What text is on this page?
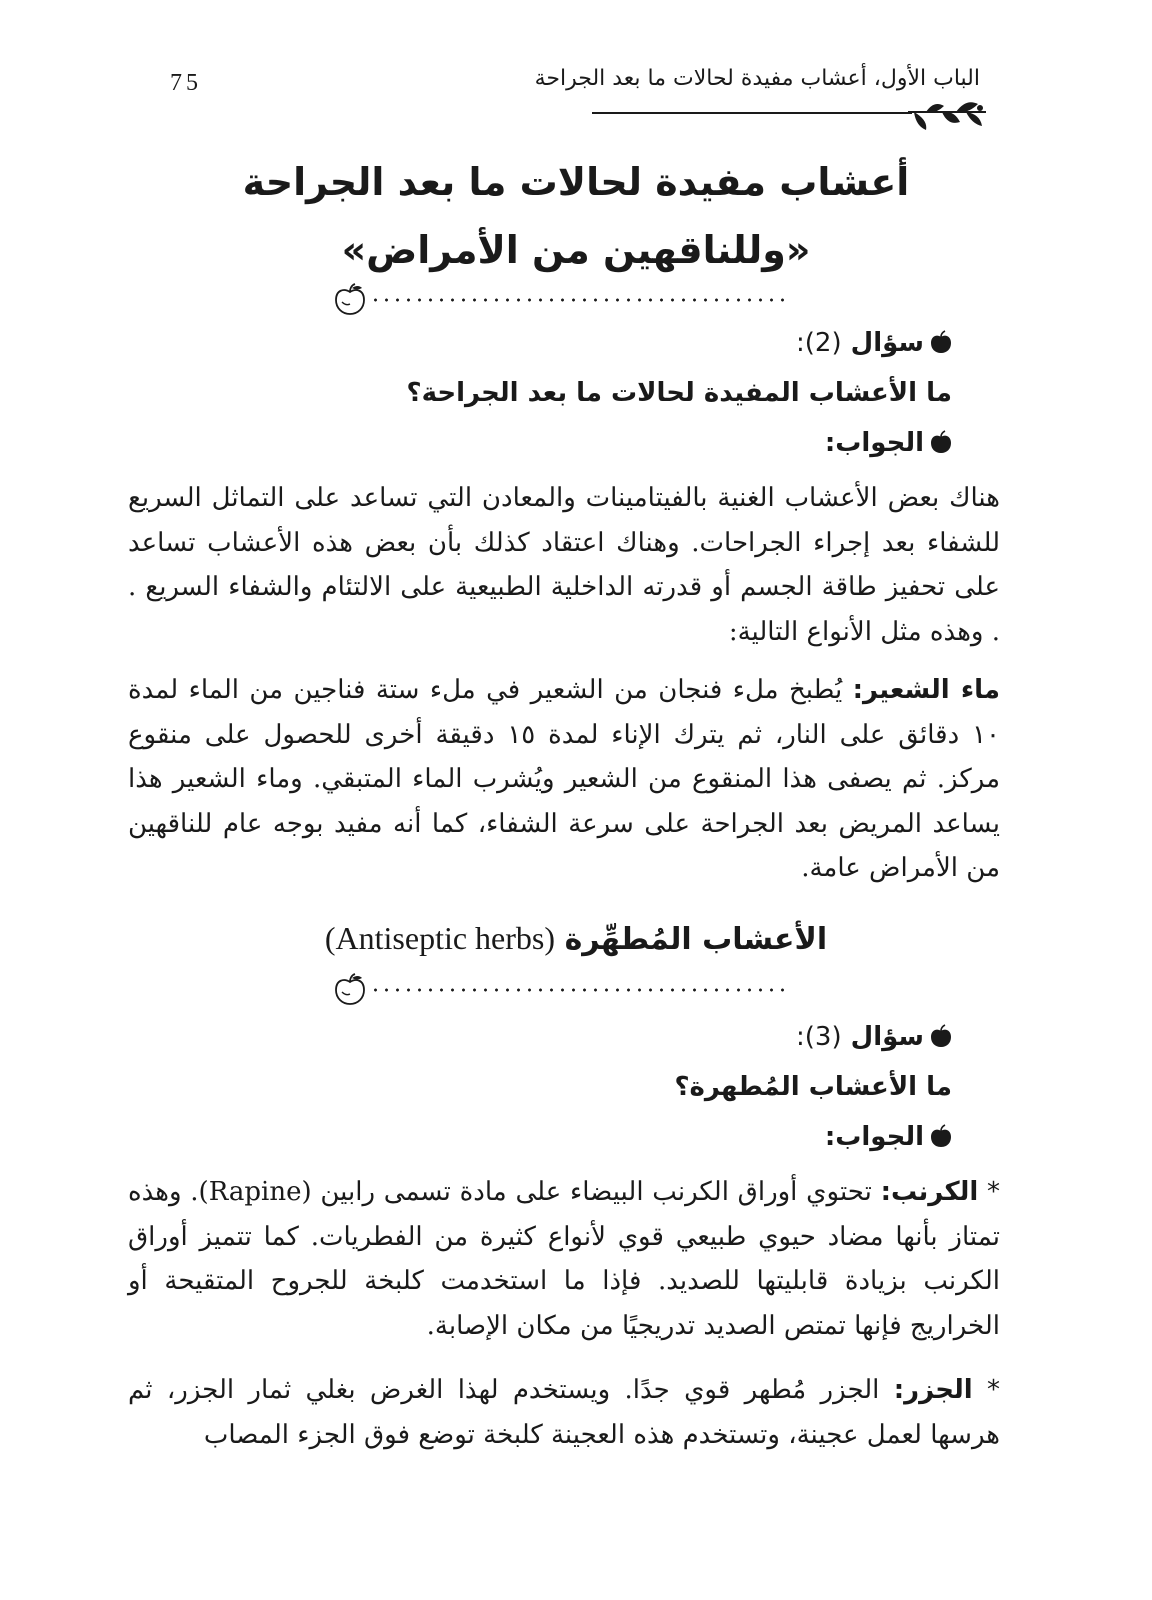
75	الباب الأول، أعشاب مفيدة لحالات ما بعد الجراحة
أعشاب مفيدة لحالات ما بعد الجراحة
«وللناقهين من الأمراض»
سؤال (2):
ما الأعشاب المفيدة لحالات ما بعد الجراحة؟
الجواب:
هناك بعض الأعشاب الغنية بالفيتامينات والمعادن التي تساعد على التماثل السريع للشفاء بعد إجراء الجراحات. وهناك اعتقاد كذلك بأن بعض هذه الأعشاب تساعد على تحفيز طاقة الجسم أو قدرته الداخلية الطبيعية على الالتئام والشفاء السريع . . وهذه مثل الأنواع التالية:
ماء الشعير: يُطبخ ملء فنجان من الشعير في ملء ستة فناجين من الماء لمدة ١٠ دقائق على النار، ثم يترك الإناء لمدة ١٥ دقيقة أخرى للحصول على منقوع مركز. ثم يصفى هذا المنقوع من الشعير ويُشرب الماء المتبقي. وماء الشعير هذا يساعد المريض بعد الجراحة على سرعة الشفاء، كما أنه مفيد بوجه عام للناقهين من الأمراض عامة.
الأعشاب المُطهِّرة (Antiseptic herbs)
سؤال (3):
ما الأعشاب المُطهرة؟
الجواب:
* الكرنب: تحتوي أوراق الكرنب البيضاء على مادة تسمى رابين (Rapine). وهذه تمتاز بأنها مضاد حيوي طبيعي قوي لأنواع كثيرة من الفطريات. كما تتميز أوراق الكرنب بزيادة قابليتها للصديد. فإذا ما استخدمت كلبخة للجروح المتقيحة أو الخراريج فإنها تمتص الصديد تدريجيًا من مكان الإصابة.
* الجزر: الجزر مُطهر قوي جدًا. ويستخدم لهذا الغرض بغلي ثمار الجزر، ثم هرسها لعمل عجينة، وتستخدم هذه العجينة كلبخة توضع فوق الجزء المصاب
